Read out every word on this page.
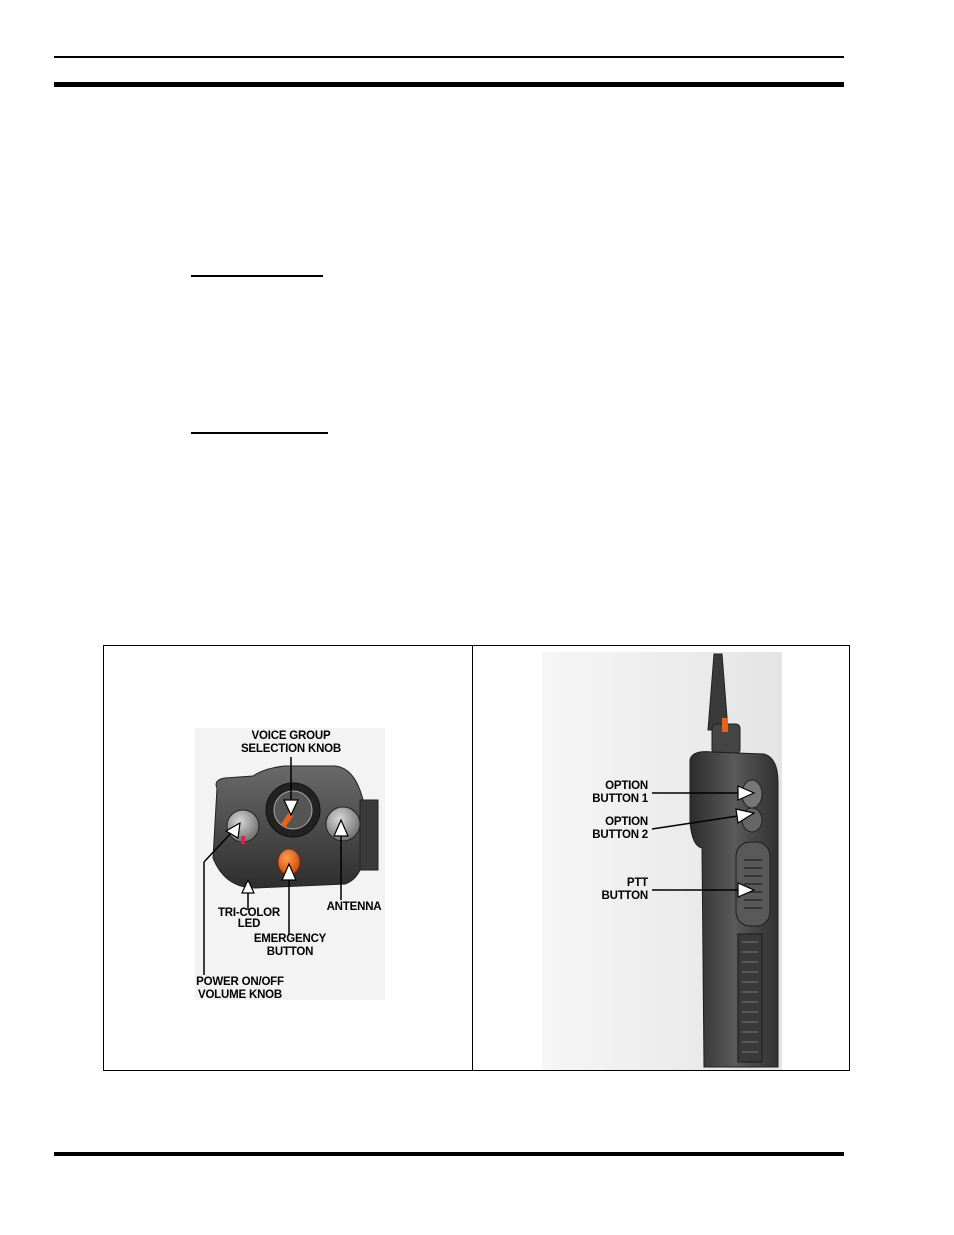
VOICE GROUP
SELECTION KNOB
TRI-COLOR
LED
ANTENNA
EMERGENCY
BUTTON
POWER ON/OFF
VOLUME KNOB
OPTION
BUTTON 1
OPTION
BUTTON 2
PTT
BUTTON
